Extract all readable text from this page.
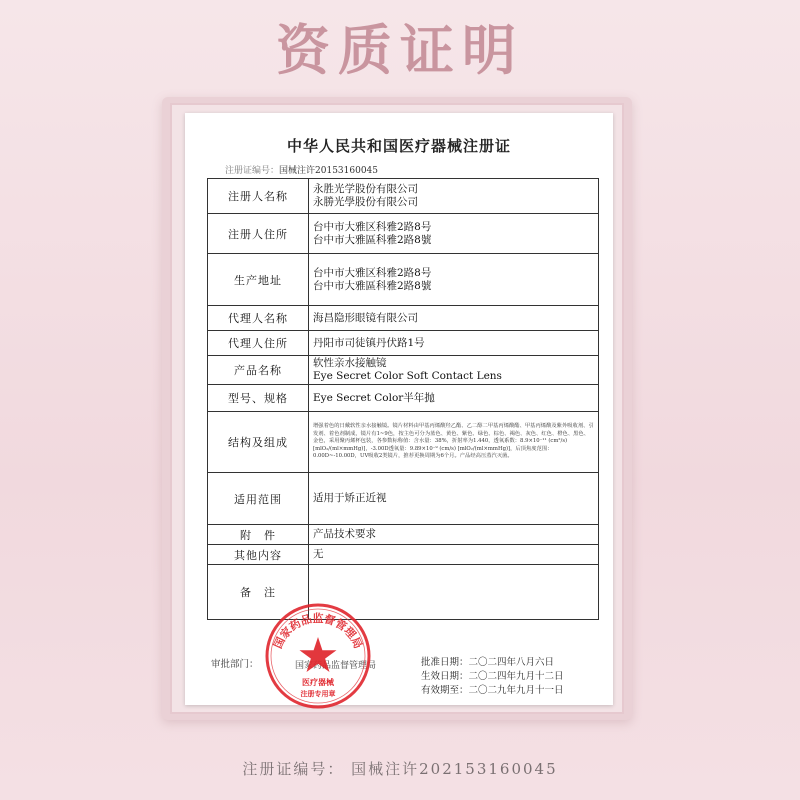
资质证明
中华人民共和国医疗器械注册证
注册证编号：国械注许20153160045
注册人名称	永胜光学股份有限公司
永勝光學股份有限公司

注册人住所	台中市大雅区科雅2路8号
台中市大雅區科雅2路8號

生产地址	台中市大雅区科雅2路8号
台中市大雅區科雅2路8號

代理人名称	海昌隐形眼镜有限公司
代理人住所	丹阳市司徒镇丹伏路1号
产品名称	软性亲水接触镜
Eye Secret Color Soft Contact Lens

型号、规格	Eye Secret Color半年抛
结构及组成	增强着色的日戴软性亲水接触镜。镜片材料由甲基丙烯酸羟乙酯、乙二醇二甲基丙烯酸酯、甲基丙烯酸及紫外吸收剂、引发剂、着色剂制成，镜片有1~9色，按主色可分为蓝色、黄色、紫色、绿色、棕色、褐色、灰色、红色、橙色、黑色、金色，采用聚丙烯杯包装，各参数标称值：含水量：38%，折射率为1.440，透氧系数：8.9×10⁻¹¹ (cm²/s) [mlO₂/(ml×mmHg)]，-3.00D透氧量：9.89×10⁻⁹ (cm/s) [mlO₂/(ml×mmHg)]，后顶焦度范围：0.00D~-10.00D，UV吸收2类镜片，推荐更换周期为6个月。产品经高压蒸汽灭菌。
适用范围	适用于矫正近视
附　件	产品技术要求
其他内容	无
备　注	
审批部门：	国家药品监督管理局	批准日期：二〇二四年八月六日
生效日期：二〇二四年九月十二日
有效期至：二〇二九年九月十一日
国家药品监督管理局
医疗器械
注册专用章
注册证编号： 国械注许202153160045
